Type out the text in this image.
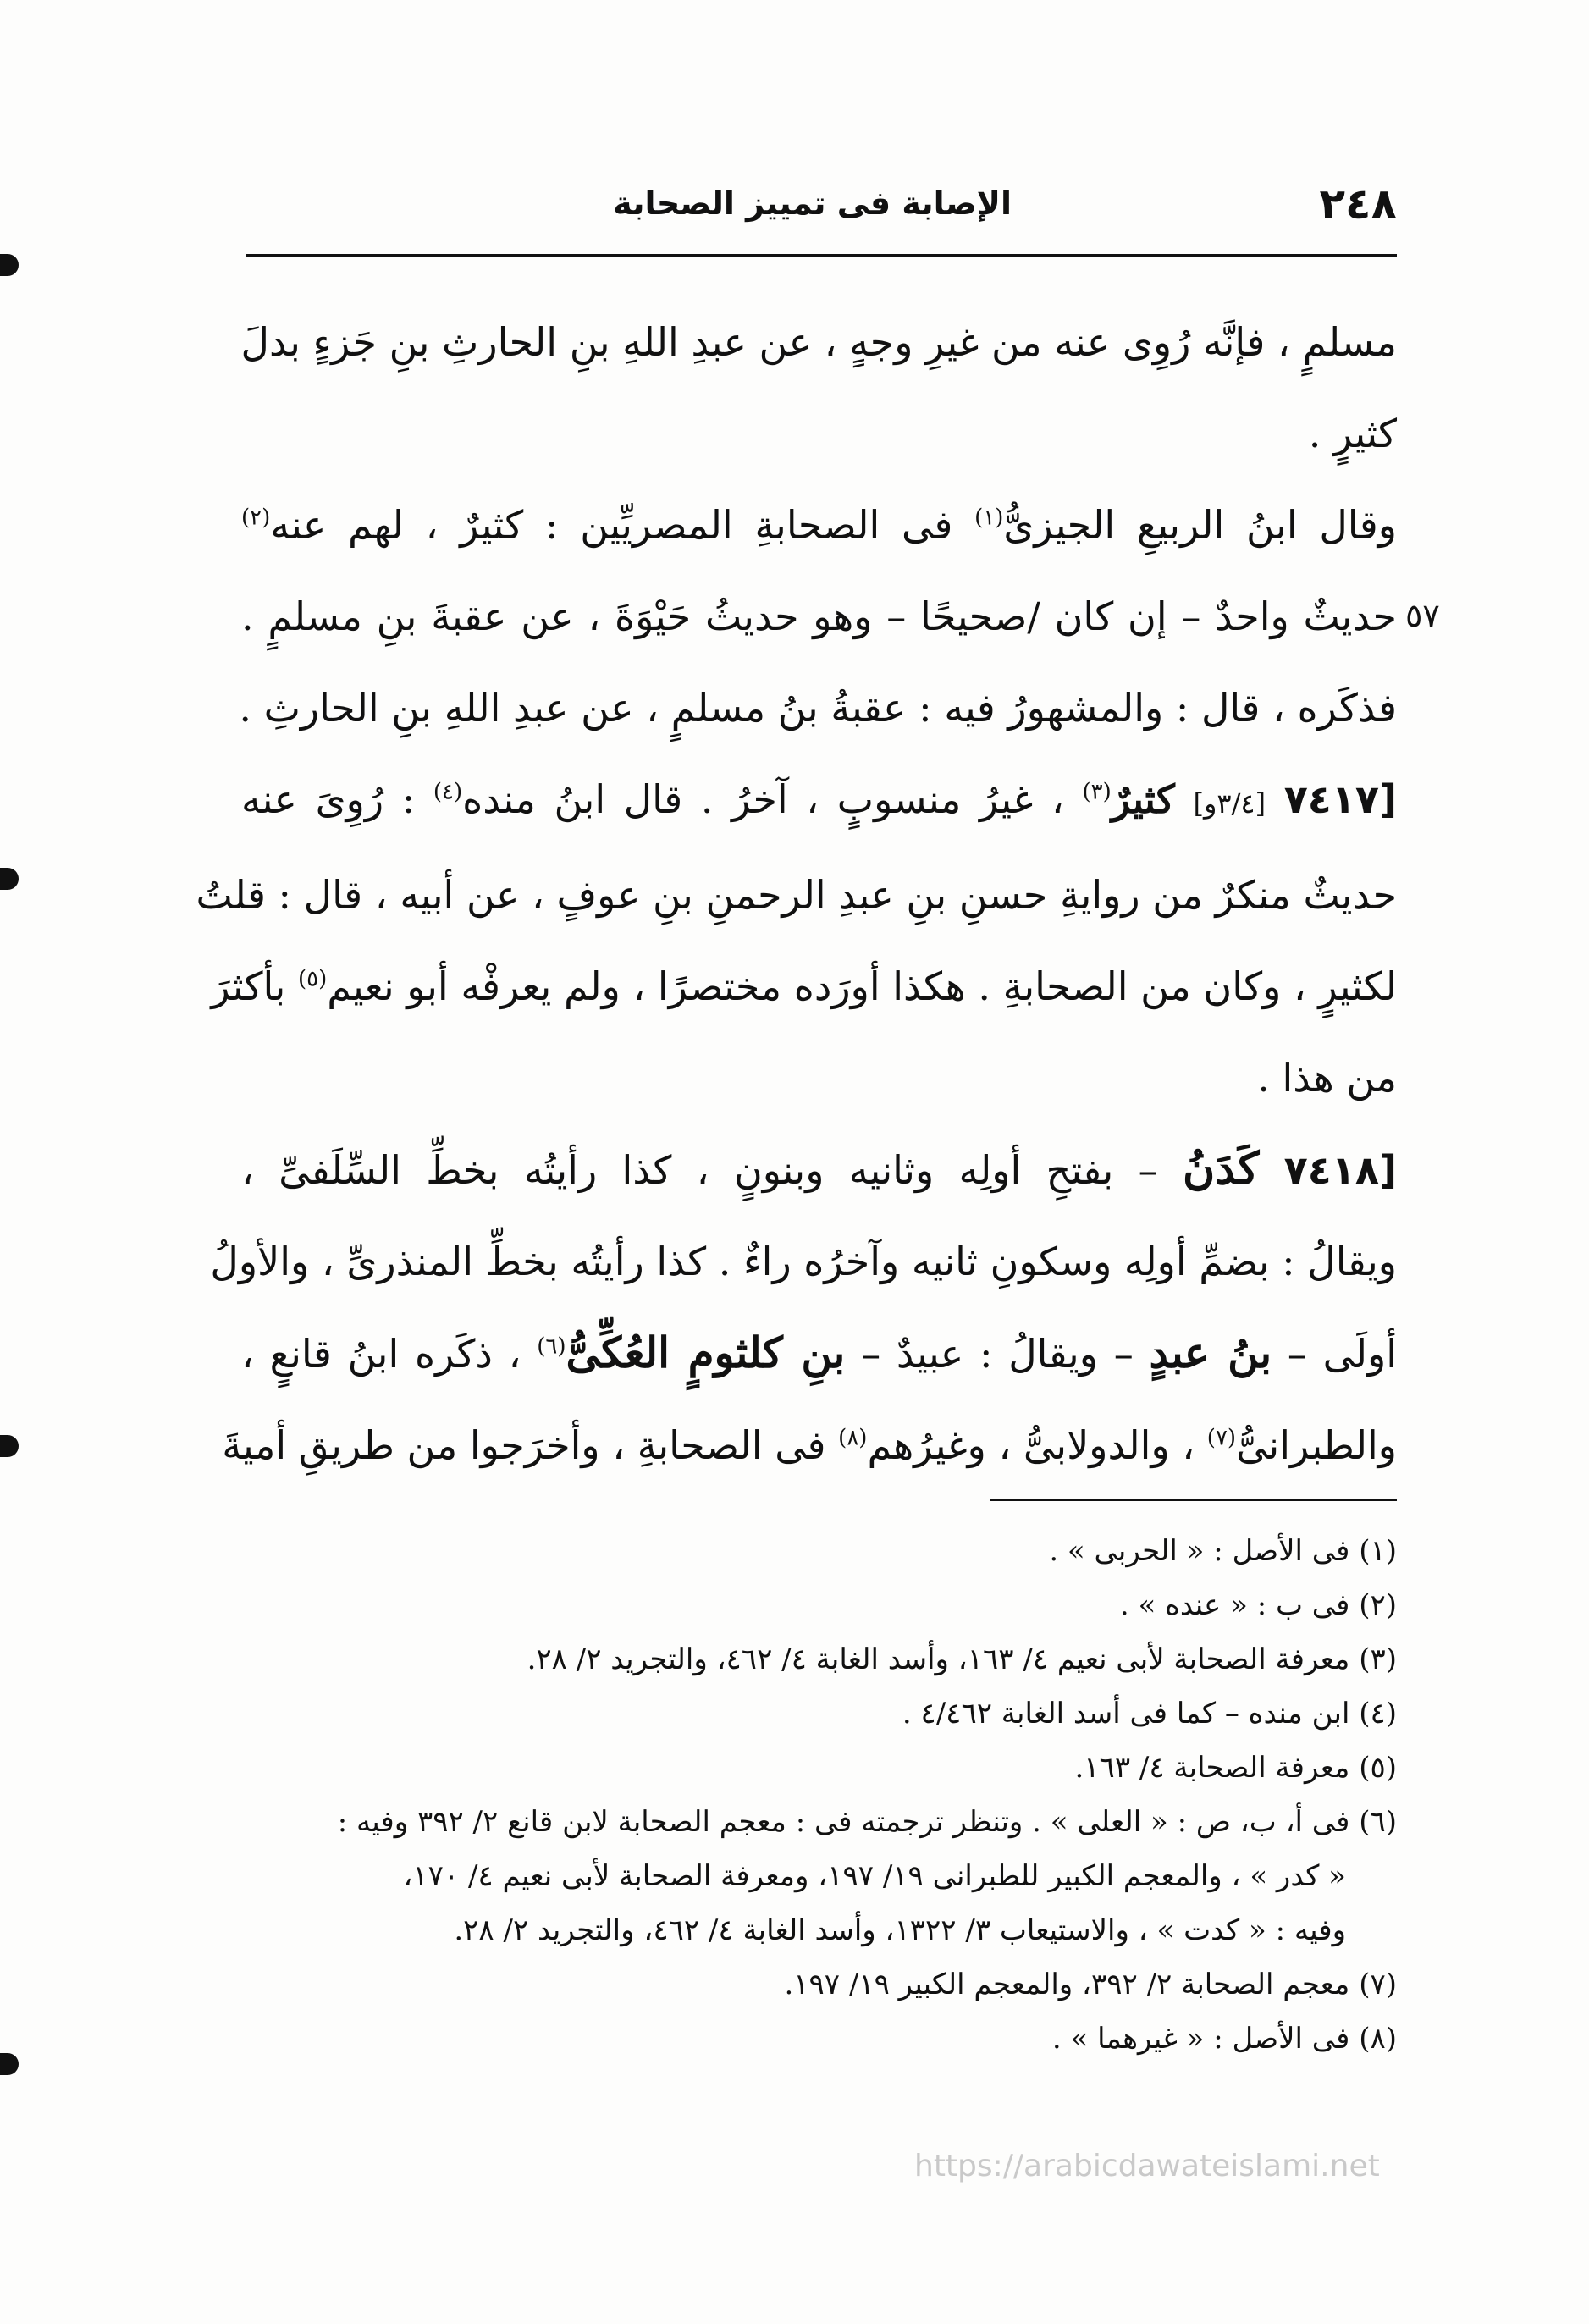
٢٤٨
الإصابة فى تمييز الصحابة
٥٧
مسلمٍ ، فإنَّه رُوِى عنه من غيرِ وجهٍ ، عن عبدِ اللهِ بنِ الحارثِ بنِ جَزءٍ بدلَ
كثيرٍ .
وقال ابنُ الربيعِ الجيزىُّ$^{(١)}$ فى الصحابةِ المصريِّين : كثيرٌ ، لهم عنه$^{(٢)}$
حديثٌ واحدٌ – إن كان /صحيحًا – وهو حديثُ حَيْوَةَ ، عن عقبةَ بنِ مسلمٍ .
فذكَره ، قال : والمشهورُ فيه : عقبةُ بنُ مسلمٍ ، عن عبدِ اللهِ بنِ الحارثِ .
[٧٤١٧ [٣/٤و] كثيرٌ$^{(٣)}$ ، غيرُ منسوبٍ ، آخرُ . قال ابنُ منده$^{(٤)}$ : رُوِىَ عنه
حديثٌ منكرٌ من روايةِ حسنِ بنِ عبدِ الرحمنِ بنِ عوفٍ ، عن أبيه ، قال : قلتُ
لكثيرٍ ، وكان من الصحابةِ . هكذا أورَده مختصرًا ، ولم يعرفْه أبو نعيم$^{(٥)}$ بأكثرَ
من هذا .
[٧٤١٨ كَدَنُ – بفتحِ أولِه وثانيه وبنونٍ ، كذا رأيتُه بخطِّ السِّلَفىِّ ،
ويقالُ : بضمِّ أولِه وسكونِ ثانيه وآخرُه راءٌ . كذا رأيتُه بخطِّ المنذرىِّ ، والأولُ
أولَى – بنُ عبدٍ – ويقالُ : عبيدٌ – بنِ كلثومٍ العُكِّىُّ$^{(٦)}$ ، ذكَره ابنُ قانعٍ ،
والطبرانىُّ$^{(٧)}$ ، والدولابىُّ ، وغيرُهم$^{(٨)}$ فى الصحابةِ ، وأخرَجوا من طريقِ أميةَ
(١) فى الأصل : « الحربى » .
(٢) فى ب : « عنده » .
(٣) معرفة الصحابة لأبى نعيم ٤/ ١٦٣، وأسد الغابة ٤/ ٤٦٢، والتجريد ٢/ ٢٨.
(٤) ابن منده – كما فى أسد الغابة ٤/٤٦٢ .
(٥) معرفة الصحابة ٤/ ١٦٣.
(٦) فى أ، ب، ص : « العلى » . وتنظر ترجمته فى : معجم الصحابة لابن قانع ٢/ ٣٩٢ وفيه :
« كدر » ، والمعجم الكبير للطبرانى ١٩/ ١٩٧، ومعرفة الصحابة لأبى نعيم ٤/ ١٧٠،
وفيه : « كدت » ، والاستيعاب ٣/ ١٣٢٢، وأسد الغابة ٤/ ٤٦٢، والتجريد ٢/ ٢٨.
(٧) معجم الصحابة ٢/ ٣٩٢، والمعجم الكبير ١٩/ ١٩٧.
(٨) فى الأصل : « غيرهما » .
https://arabicdawateislami.net
